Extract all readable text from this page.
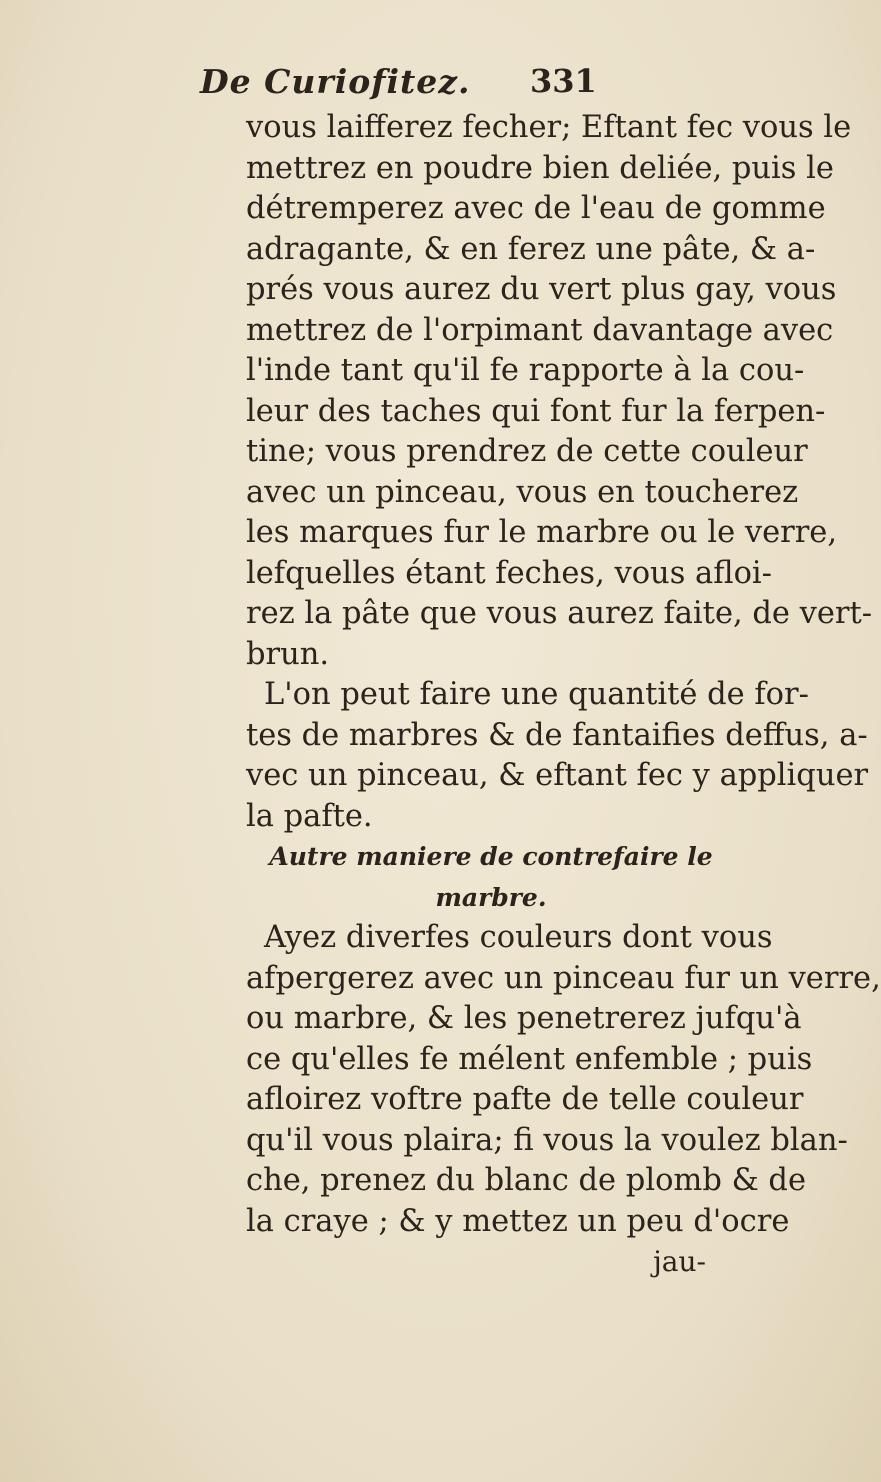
De Curiofitez. 331
vous laifferez fecher; Eftant fec vous le
mettrez en poudre bien deliée, puis le
détremperez avec de l'eau de gomme
adragante, & en ferez une pâte, & a-
prés vous aurez du vert plus gay, vous
mettrez de l'orpimant davantage avec
l'inde tant qu'il fe rapporte à la cou-
leur des taches qui font fur la ferpen-
tine; vous prendrez de cette couleur
avec un pinceau, vous en toucherez
les marques fur le marbre ou le verre,
lefquelles étant feches, vous afloi-
rez la pâte que vous aurez faite, de vert-
brun.
L'on peut faire une quantité de for-
tes de marbres & de fantaifies deffus, a-
vec un pinceau, & eftant fec y appliquer
la pafte.
Autre maniere de contrefaire le
marbre.
Ayez diverfes couleurs dont vous
afpergerez avec un pinceau fur un verre,
ou marbre, & les penetrerez jufqu'à
ce qu'elles fe mélent enfemble ; puis
afloirez voftre pafte de telle couleur
qu'il vous plaira; fi vous la voulez blan-
che, prenez du blanc de plomb & de
la craye ; & y mettez un peu d'ocre
jau-
